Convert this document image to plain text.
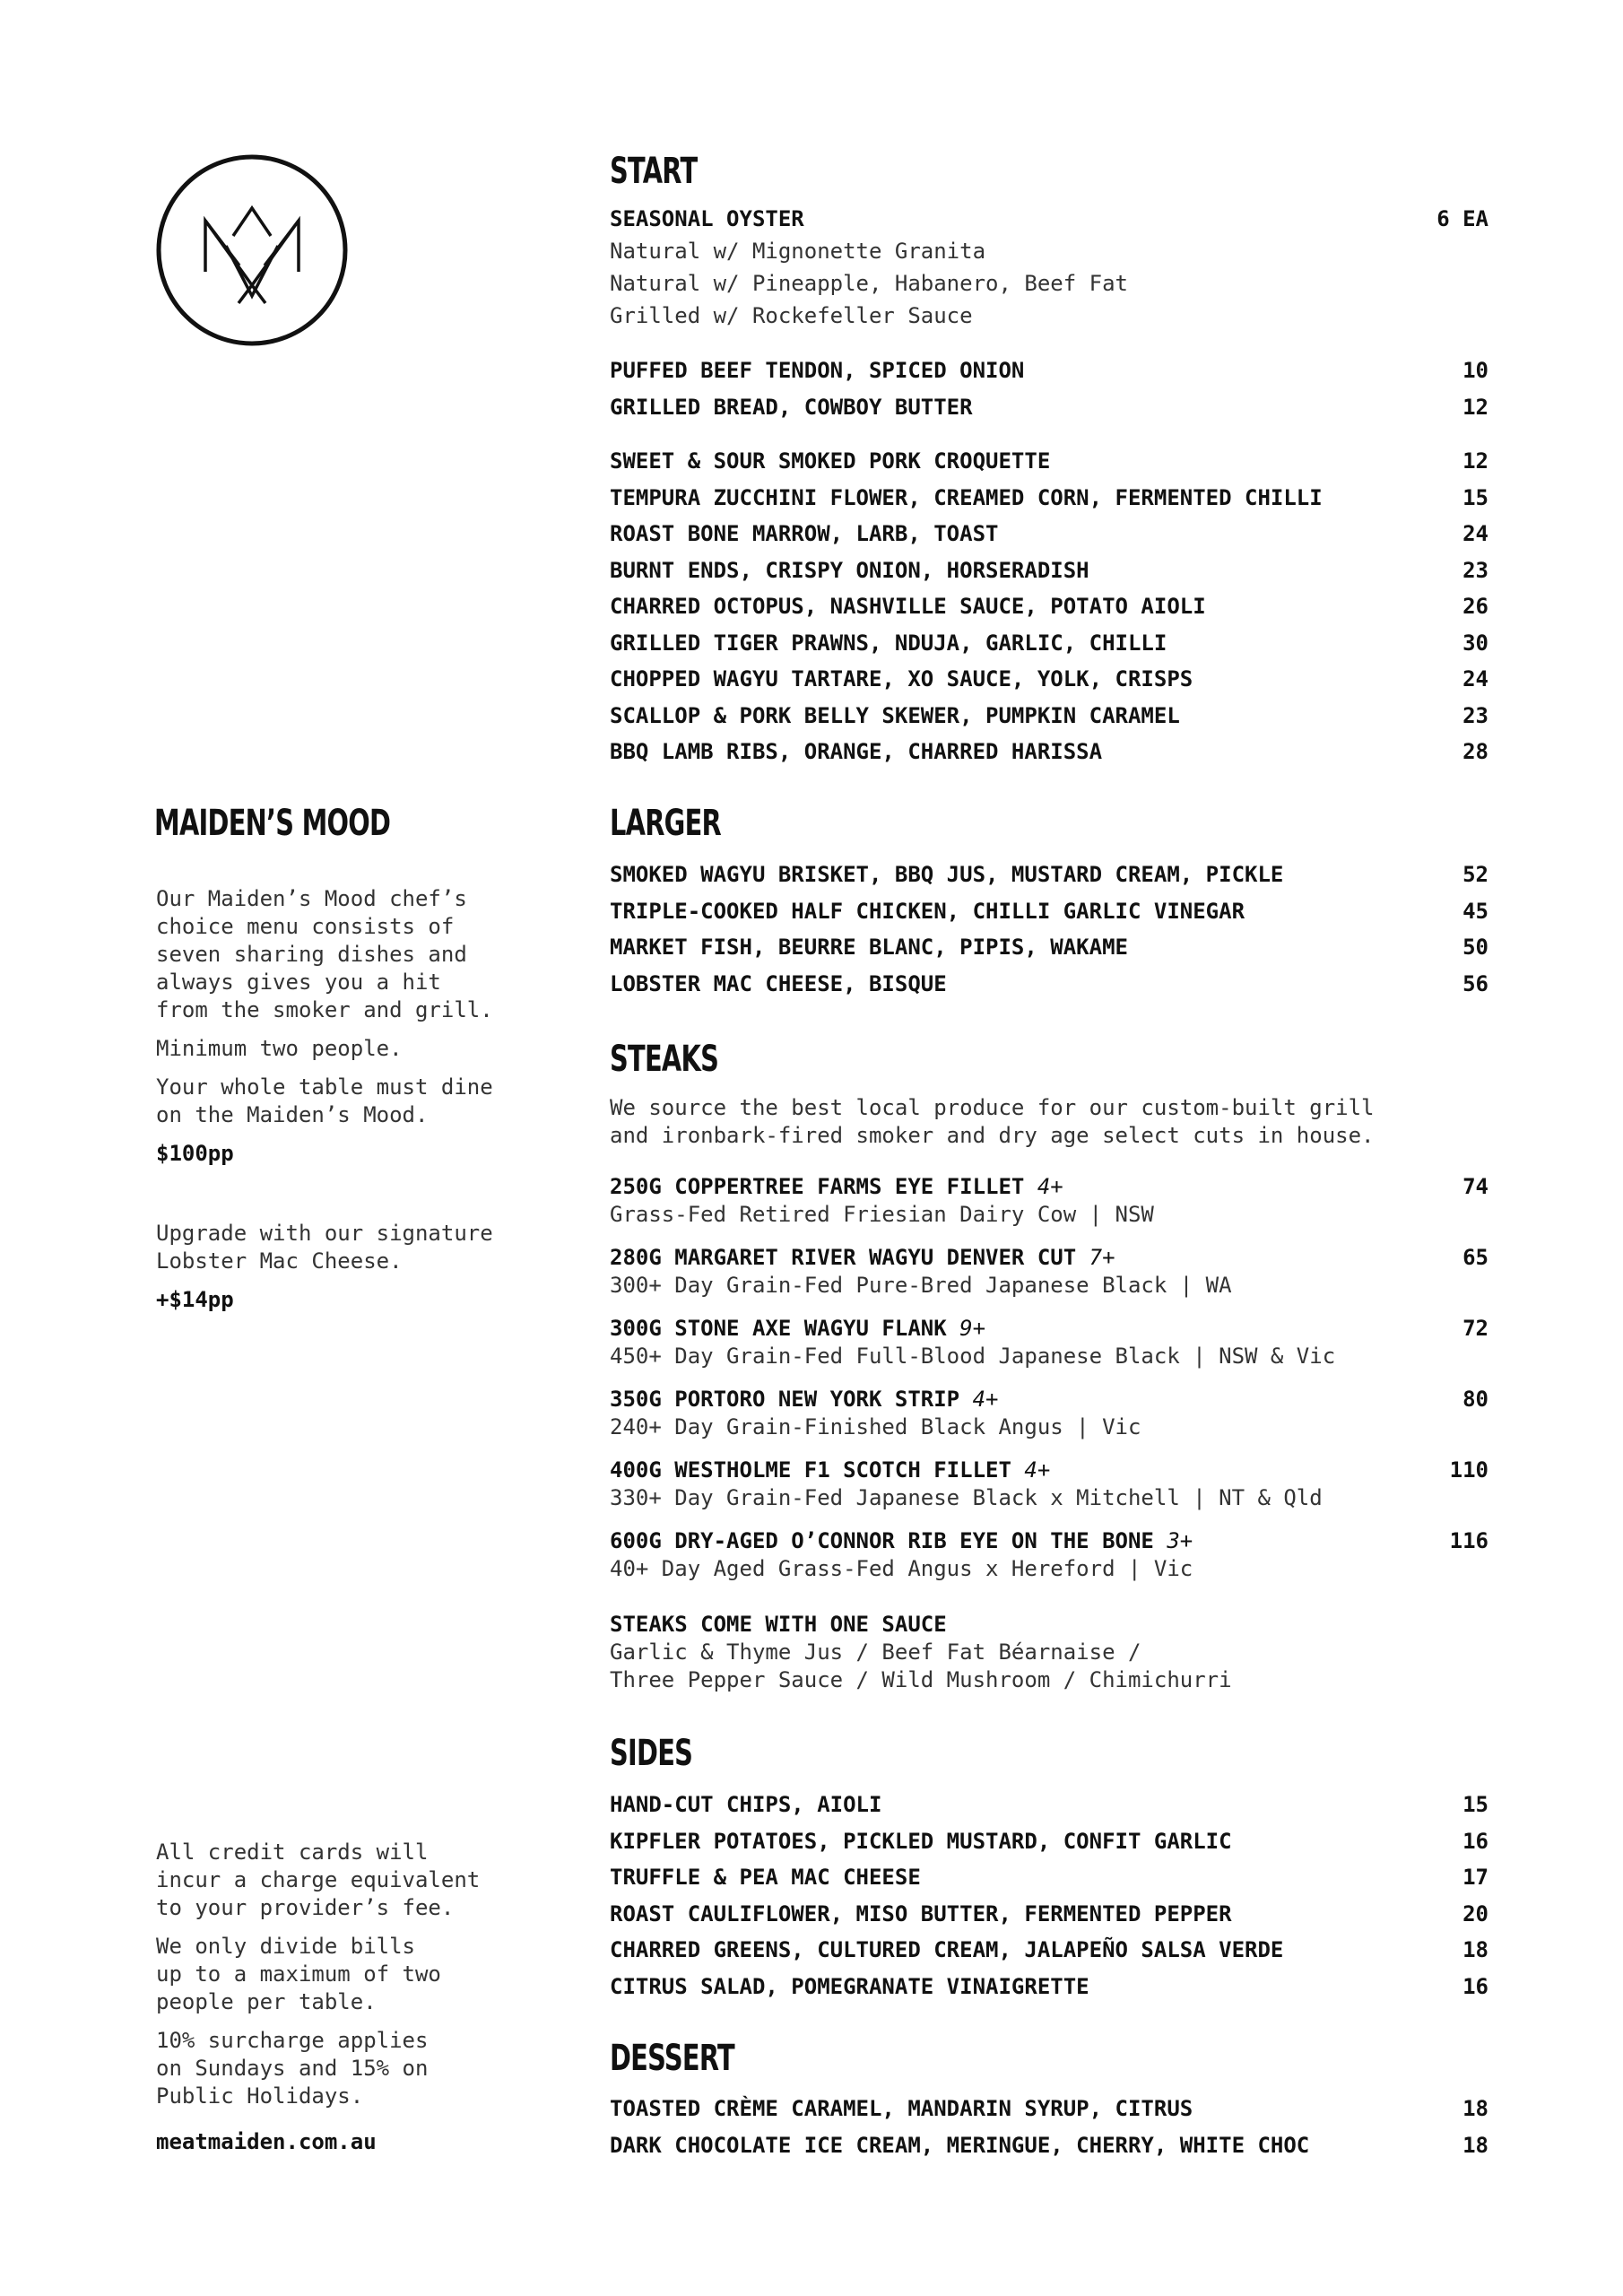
MAIDEN’S MOOD

Our Maiden’s Mood chef’s
choice menu consists of
seven sharing dishes and
always gives you a hit
from the smoker and grill.

Minimum two people.

Your whole table must dine
on the Maiden’s Mood.

$100pp

Upgrade with our signature
Lobster Mac Cheese.

+$14pp

All credit cards will
incur a charge equivalent
to your provider’s fee.

We only divide bills
up to a maximum of two
people per table.

10% surcharge applies
on Sundays and 15% on
Public Holidays.

meatmaiden.com.au

START
SEASONAL OYSTER	6 EA
Natural w/ Mignonette Granita
Natural w/ Pineapple, Habanero, Beef Fat
Grilled w/ Rockefeller Sauce
PUFFED BEEF TENDON, SPICED ONION	10
GRILLED BREAD, COWBOY BUTTER	12
SWEET & SOUR SMOKED PORK CROQUETTE	12
TEMPURA ZUCCHINI FLOWER, CREAMED CORN, FERMENTED CHILLI	15
ROAST BONE MARROW, LARB, TOAST	24
BURNT ENDS, CRISPY ONION, HORSERADISH	23
CHARRED OCTOPUS, NASHVILLE SAUCE, POTATO AIOLI	26
GRILLED TIGER PRAWNS, NDUJA, GARLIC, CHILLI	30
CHOPPED WAGYU TARTARE, XO SAUCE, YOLK, CRISPS	24
SCALLOP & PORK BELLY SKEWER, PUMPKIN CARAMEL	23
BBQ LAMB RIBS, ORANGE, CHARRED HARISSA	28
LARGER
SMOKED WAGYU BRISKET, BBQ JUS, MUSTARD CREAM, PICKLE	52
TRIPLE-COOKED HALF CHICKEN, CHILLI GARLIC VINEGAR	45
MARKET FISH, BEURRE BLANC, PIPIS, WAKAME	50
LOBSTER MAC CHEESE, BISQUE	56
STEAKS
We source the best local produce for our custom-built grill
and ironbark-fired smoker and dry age select cuts in house.
250G COPPERTREE FARMS EYE FILLET 4+	74
Grass-Fed Retired Friesian Dairy Cow | NSW
280G MARGARET RIVER WAGYU DENVER CUT 7+	65
300+ Day Grain-Fed Pure-Bred Japanese Black | WA
300G STONE AXE WAGYU FLANK 9+	72
450+ Day Grain-Fed Full-Blood Japanese Black | NSW & Vic
350G PORTORO NEW YORK STRIP 4+	80
240+ Day Grain-Finished Black Angus | Vic
400G WESTHOLME F1 SCOTCH FILLET 4+	110
330+ Day Grain-Fed Japanese Black x Mitchell | NT & Qld
600G DRY-AGED O’CONNOR RIB EYE ON THE BONE 3+	116
40+ Day Aged Grass-Fed Angus x Hereford | Vic
STEAKS COME WITH ONE SAUCE
Garlic & Thyme Jus / Beef Fat Béarnaise /
Three Pepper Sauce / Wild Mushroom / Chimichurri
SIDES
HAND-CUT CHIPS, AIOLI	15
KIPFLER POTATOES, PICKLED MUSTARD, CONFIT GARLIC	16
TRUFFLE & PEA MAC CHEESE	17
ROAST CAULIFLOWER, MISO BUTTER, FERMENTED PEPPER	20
CHARRED GREENS, CULTURED CREAM, JALAPEÑO SALSA VERDE	18
CITRUS SALAD, POMEGRANATE VINAIGRETTE	16
DESSERT
TOASTED CRÈME CARAMEL, MANDARIN SYRUP, CITRUS	18
DARK CHOCOLATE ICE CREAM, MERINGUE, CHERRY, WHITE CHOC	18
